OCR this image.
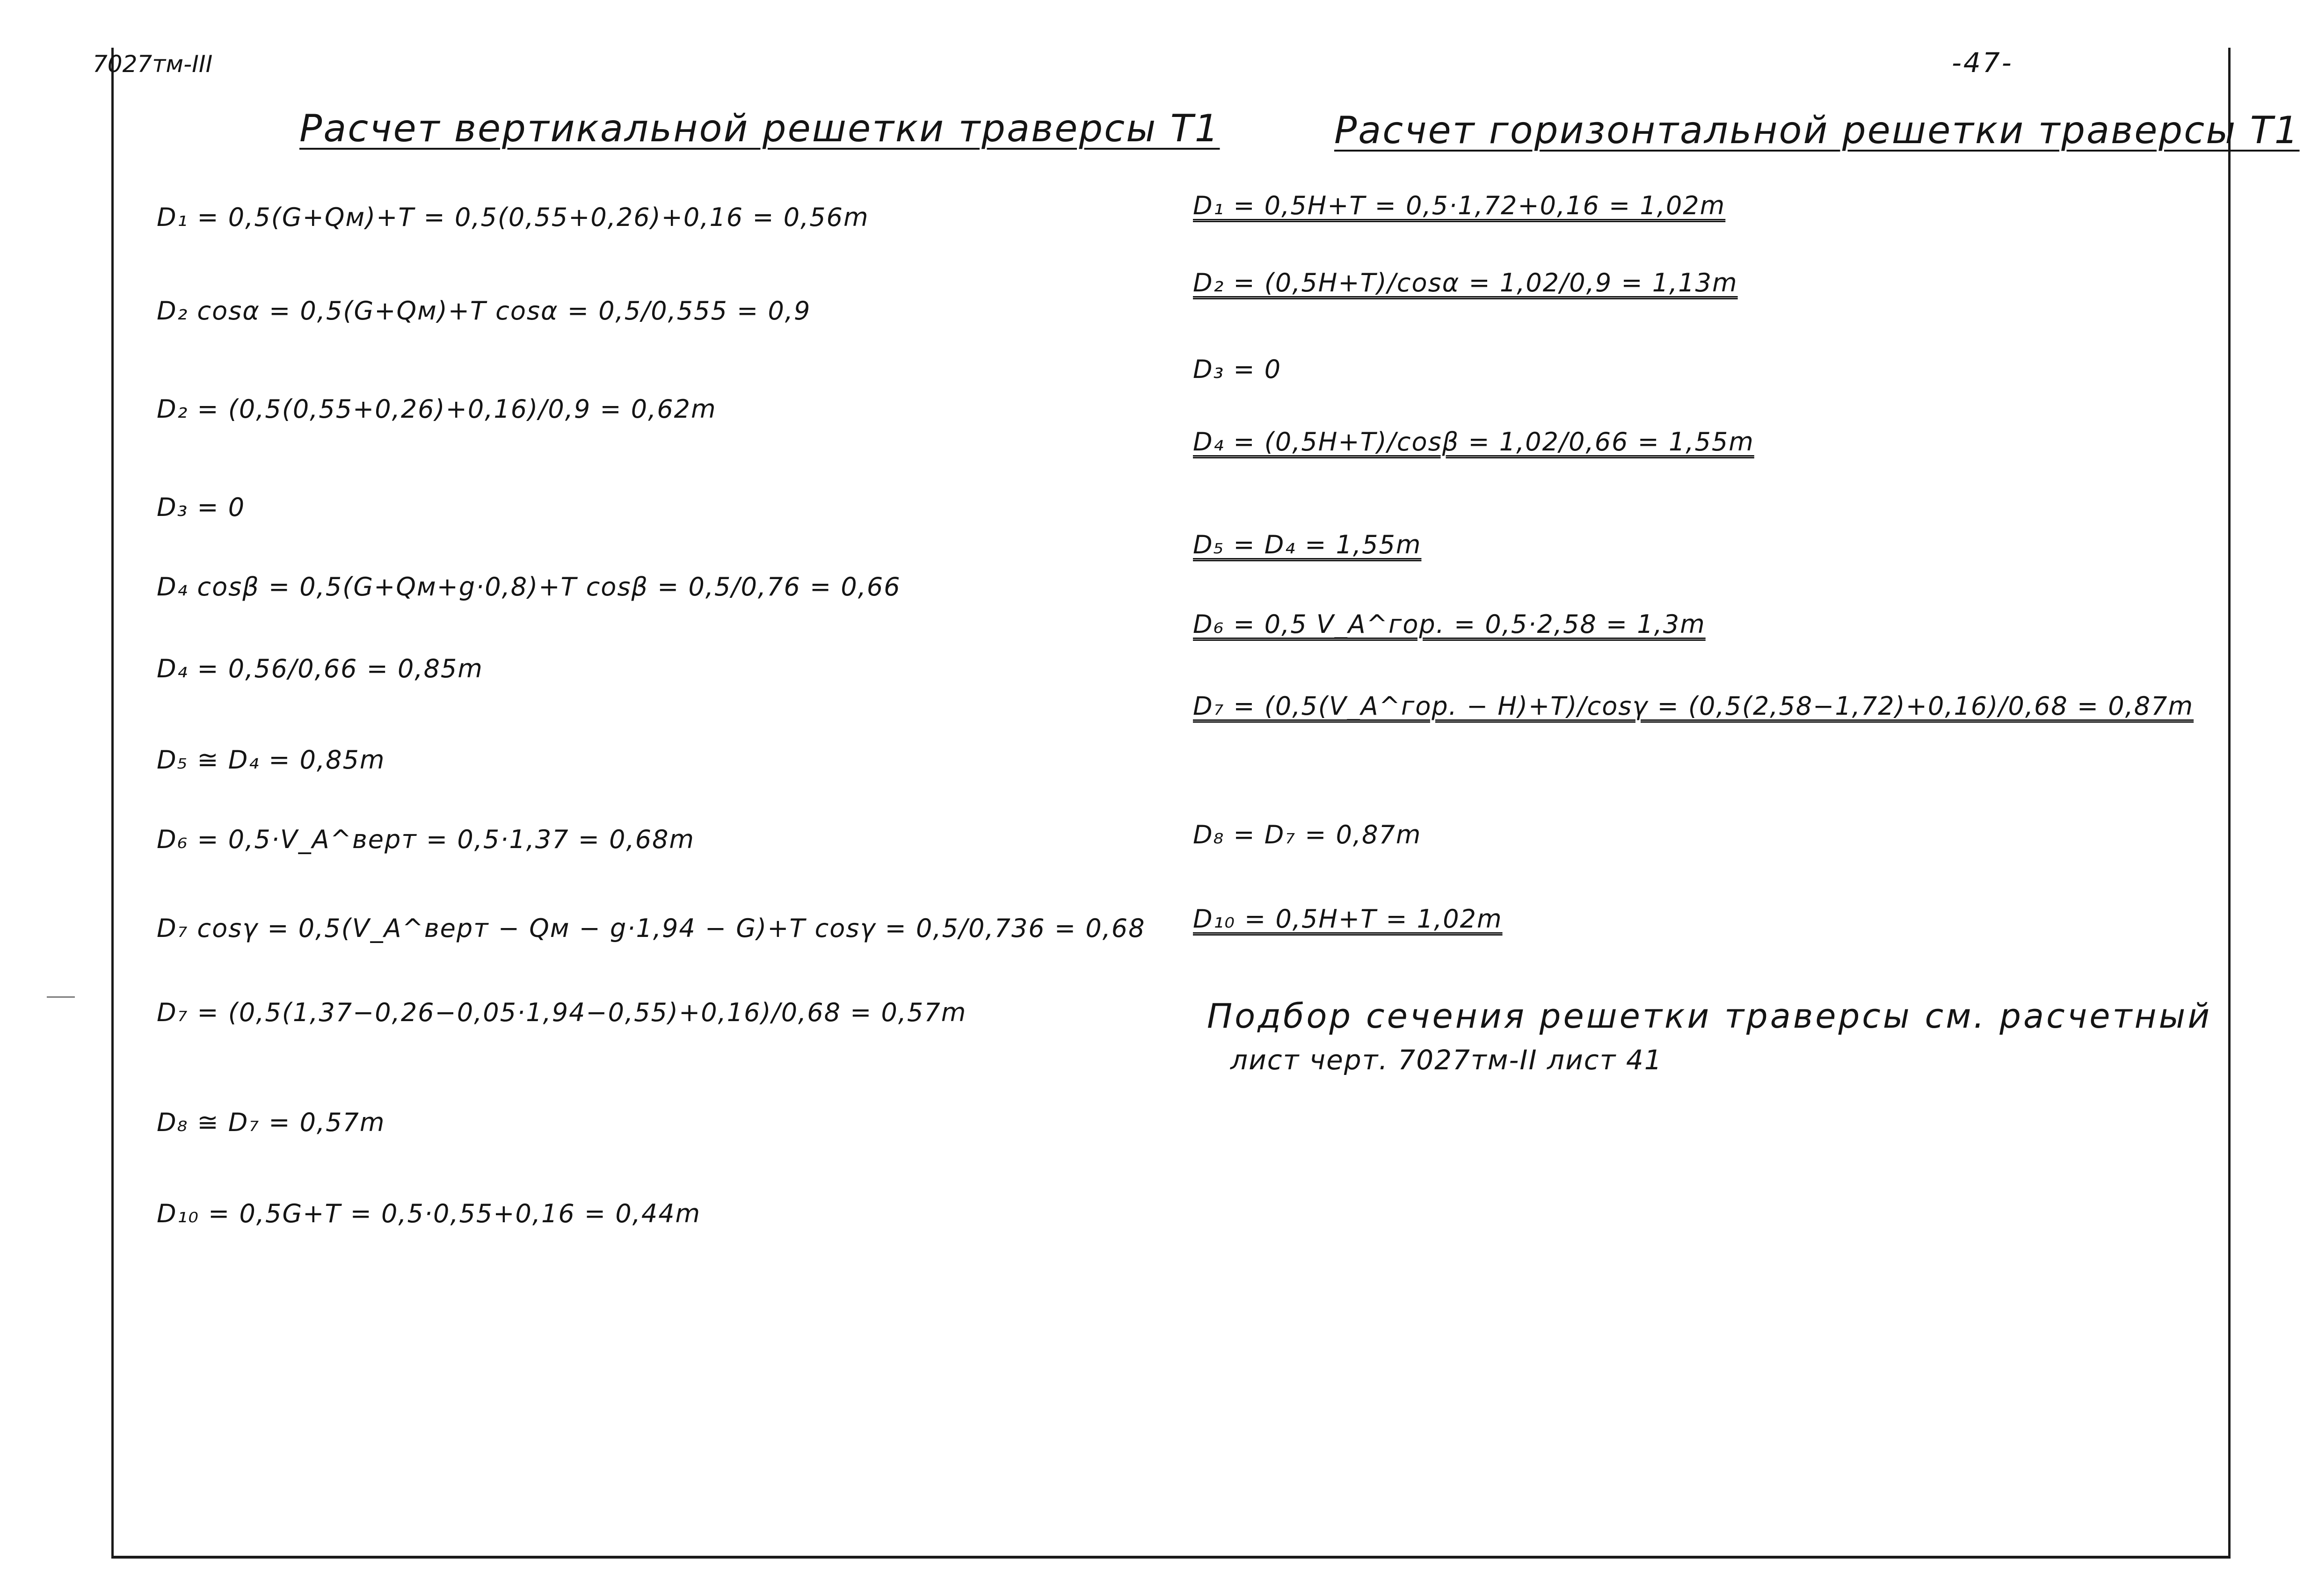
7027тм-III	-47-
Расчет вертикальной решетки траверсы Т1	Расчет горизонтальной решетки траверсы Т1
D₁ = 0,5(G+Qм)+T = 0,5(0,55+0,26)+0,16 = 0,56m
D₂ cosα = 0,5(G+Qм)+T cosα = 0,5/0,555 = 0,9
D₂ = (0,5(0,55+0,26)+0,16)/0,9 = 0,62m
D₃ = 0
D₄ cosβ = 0,5(G+Qм+g·0,8)+T cosβ = 0,5/0,76 = 0,66
D₄ = 0,56/0,66 = 0,85m
D₅ ≅ D₄ = 0,85m
D₆ = 0,5·V_A^верт = 0,5·1,37 = 0,68m
D₇ cosγ = 0,5(V_A^верт − Qм − g·1,94 − G)+T cosγ = 0,5/0,736 = 0,68
D₇ = (0,5(1,37−0,26−0,05·1,94−0,55)+0,16)/0,68 = 0,57m
D₈ ≅ D₇ = 0,57m
D₁₀ = 0,5G+T = 0,5·0,55+0,16 = 0,44m
D₁ = 0,5H+T = 0,5·1,72+0,16 = 1,02m
D₂ = (0,5H+T)/cosα = 1,02/0,9 = 1,13m
D₃ = 0
D₄ = (0,5H+T)/cosβ = 1,02/0,66 = 1,55m
D₅ = D₄ = 1,55m
D₆ = 0,5 V_A^гор. = 0,5·2,58 = 1,3m
D₇ = (0,5(V_A^гор. − H)+T)/cosγ = (0,5(2,58−1,72)+0,16)/0,68 = 0,87m
D₈ = D₇ = 0,87m
D₁₀ = 0,5H+T = 1,02m
Подбор сечения решетки траверсы см. расчетный
лист черт. 7027тм-II лист 41
